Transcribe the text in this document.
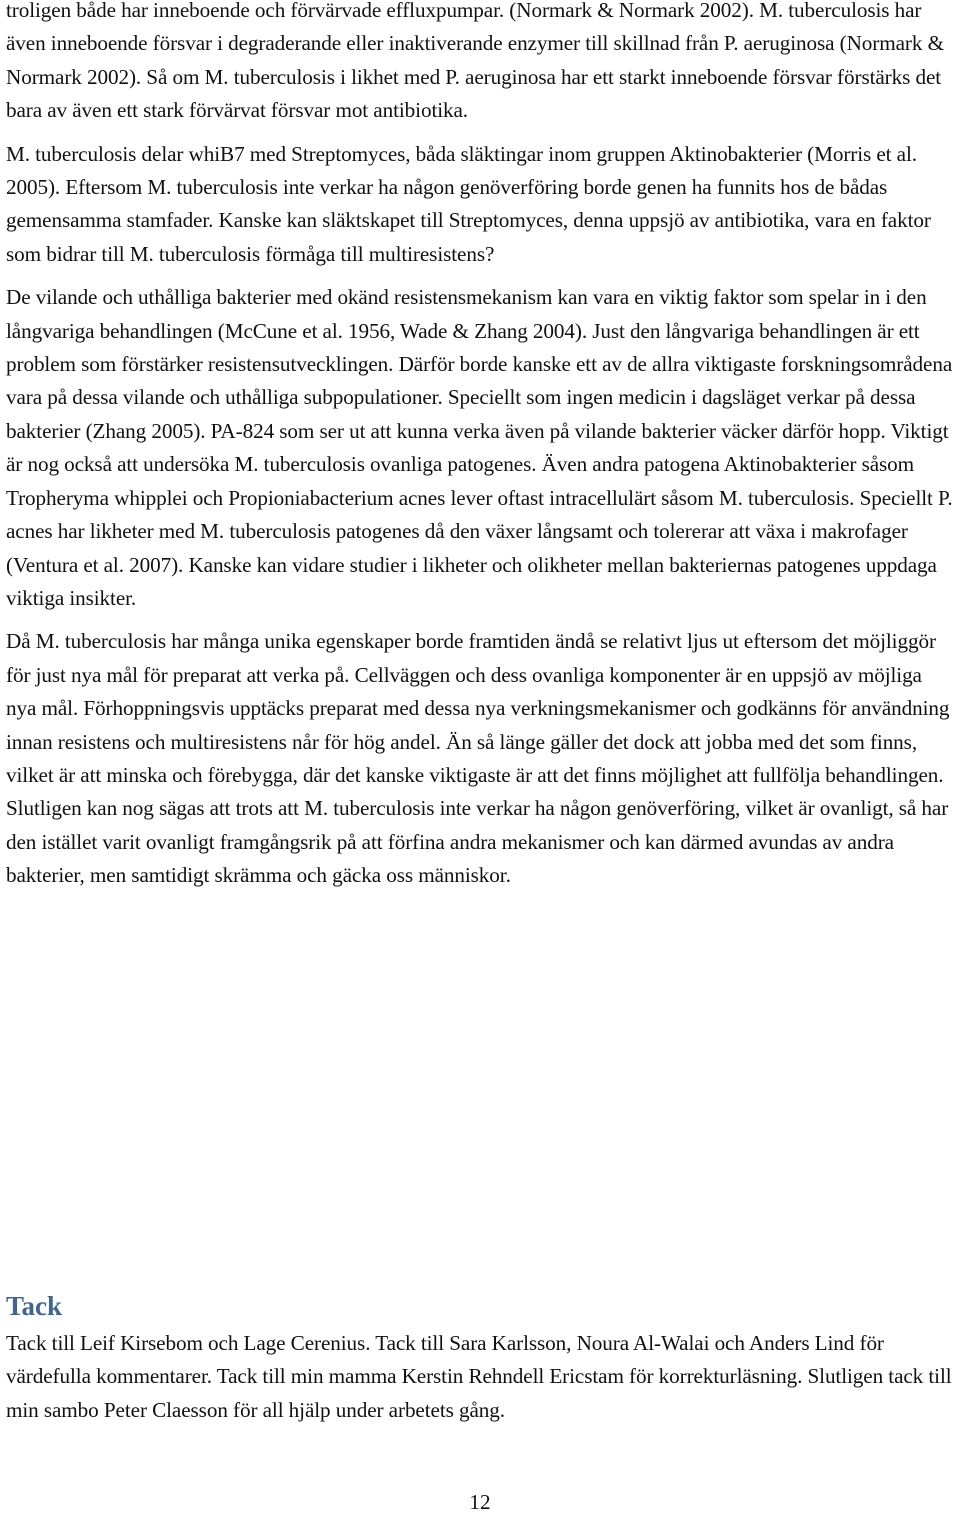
troligen både har inneboende och förvärvade effluxpumpar. (Normark & Normark 2002). M. tuberculosis har även inneboende försvar i degraderande eller inaktiverande enzymer till skillnad från P. aeruginosa (Normark & Normark 2002). Så om M. tuberculosis i likhet med P. aeruginosa har ett starkt inneboende försvar förstärks det bara av även ett stark förvärvat försvar mot antibiotika.

M. tuberculosis delar whiB7 med Streptomyces, båda släktingar inom gruppen Aktinobakterier (Morris et al. 2005). Eftersom M. tuberculosis inte verkar ha någon genöverföring borde genen ha funnits hos de bådas gemensamma stamfader. Kanske kan släktskapet till Streptomyces, denna uppsjö av antibiotika, vara en faktor som bidrar till M. tuberculosis förmåga till multiresistens?

De vilande och uthålliga bakterier med okänd resistensmekanism kan vara en viktig faktor som spelar in i den långvariga behandlingen (McCune et al. 1956, Wade & Zhang 2004). Just den långvariga behandlingen är ett problem som förstärker resistensutvecklingen. Därför borde kanske ett av de allra viktigaste forskningsområdena vara på dessa vilande och uthålliga subpopulationer. Speciellt som ingen medicin i dagsläget verkar på dessa bakterier (Zhang 2005). PA-824 som ser ut att kunna verka även på vilande bakterier väcker därför hopp. Viktigt är nog också att undersöka M. tuberculosis ovanliga patogenes. Även andra patogena Aktinobakterier såsom Tropheryma whipplei och Propioniabacterium acnes lever oftast intracellulärt såsom M. tuberculosis. Speciellt P. acnes har likheter med M. tuberculosis patogenes då den växer långsamt och tolererar att växa i makrofager (Ventura et al. 2007). Kanske kan vidare studier i likheter och olikheter mellan bakteriernas patogenes uppdaga viktiga insikter.

Då M. tuberculosis har många unika egenskaper borde framtiden ändå se relativt ljus ut eftersom det möjliggör för just nya mål för preparat att verka på. Cellväggen och dess ovanliga komponenter är en uppsjö av möjliga nya mål. Förhoppningsvis upptäcks preparat med dessa nya verkningsmekanismer och godkänns för användning innan resistens och multiresistens når för hög andel. Än så länge gäller det dock att jobba med det som finns, vilket är att minska och förebygga, där det kanske viktigaste är att det finns möjlighet att fullfölja behandlingen. Slutligen kan nog sägas att trots att M. tuberculosis inte verkar ha någon genöverföring, vilket är ovanligt, så har den istället varit ovanligt framgångsrik på att förfina andra mekanismer och kan därmed avundas av andra bakterier, men samtidigt skrämma och gäcka oss människor.

Tack

Tack till Leif Kirsebom och Lage Cerenius. Tack till Sara Karlsson, Noura Al-Walai och Anders Lind för värdefulla kommentarer. Tack till min mamma Kerstin Rehndell Ericstam för korrekturläsning. Slutligen tack till min sambo Peter Claesson för all hjälp under arbetets gång.

12
